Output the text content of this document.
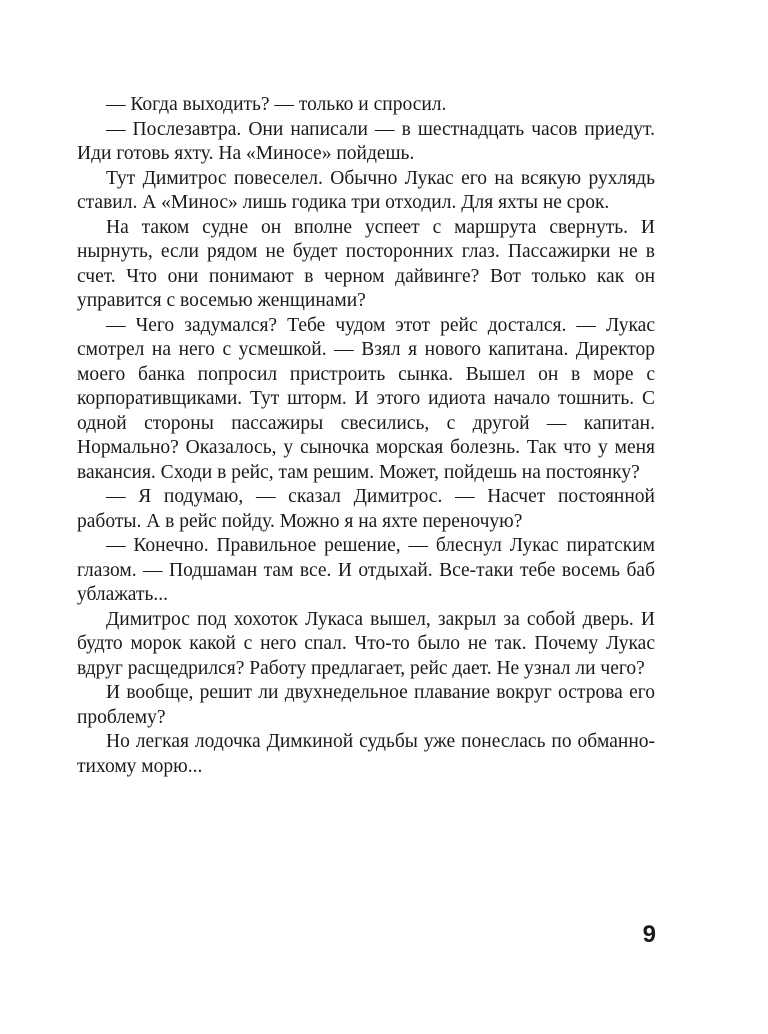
— Когда выходить? — только и спросил.

— Послезавтра. Они написали — в шестнадцать часов приедут. Иди готовь яхту. На «Миносе» пойдешь.

Тут Димитрос повеселел. Обычно Лукас его на всякую рухлядь ставил. А «Минос» лишь годика три отходил. Для яхты не срок.

На таком судне он вполне успеет с маршрута свернуть. И нырнуть, если рядом не будет посторонних глаз. Пассажирки не в счет. Что они понимают в черном дайвинге? Вот только как он управится с восемью женщинами?

— Чего задумался? Тебе чудом этот рейс достался. — Лукас смотрел на него с усмешкой. — Взял я нового капитана. Директор моего банка попросил пристроить сынка. Вышел он в море с корпоративщиками. Тут шторм. И этого идиота начало тошнить. С одной стороны пассажиры свесились, с другой — капитан. Нормально? Оказалось, у сыночка морская болезнь. Так что у меня вакансия. Сходи в рейс, там решим. Может, пойдешь на постоянку?

— Я подумаю, — сказал Димитрос. — Насчет постоянной работы. А в рейс пойду. Можно я на яхте переночую?

— Конечно. Правильное решение, — блеснул Лукас пиратским глазом. — Подшаман там все. И отдыхай. Все-таки тебе восемь баб ублажать...

Димитрос под хохоток Лукаса вышел, закрыл за собой дверь. И будто морок какой с него спал. Что-то было не так. Почему Лукас вдруг расщедрился? Работу предлагает, рейс дает. Не узнал ли чего?

И вообще, решит ли двухнедельное плавание вокруг острова его проблему?

Но легкая лодочка Димкиной судьбы уже понеслась по обманно-тихому морю...

9
